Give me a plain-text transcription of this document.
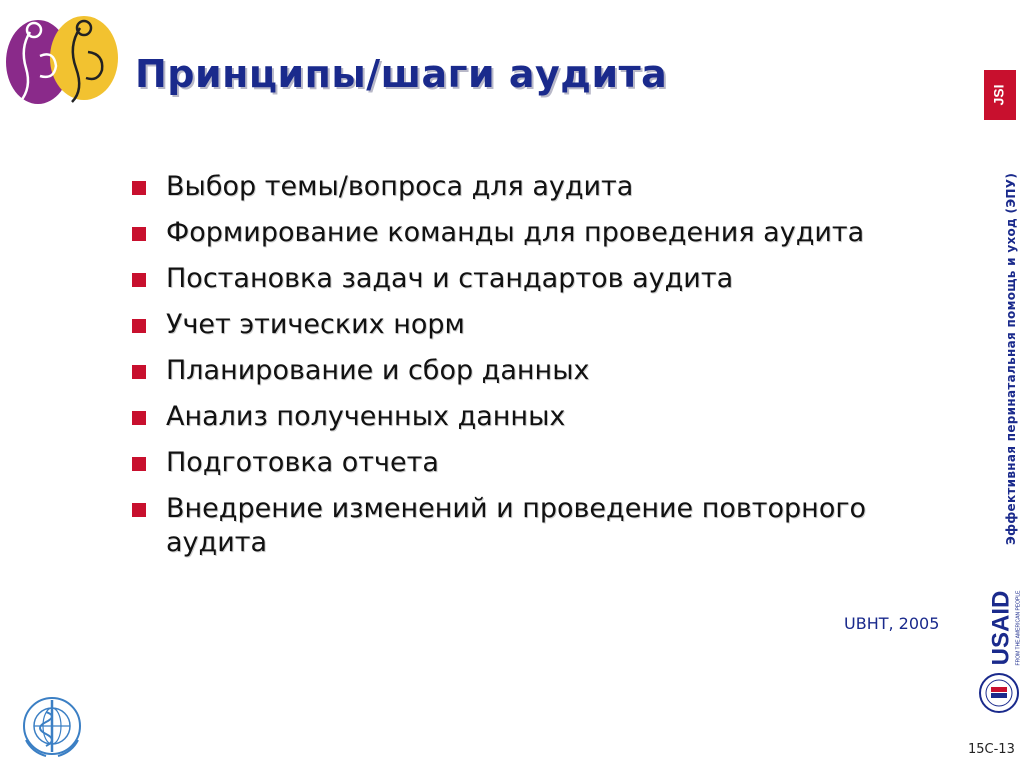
Принципы/шаги аудита
Выбор темы/вопроса для аудита
Формирование команды для проведения аудита
Постановка задач и стандартов аудита
Учет этических норм
Планирование и сбор данных
Анализ полученных данных
Подготовка отчета
Внедрение изменений и проведение повторного аудита
UBHT, 2005
JSI
Эффективная перинатальная помощь и уход (ЭПУ)
USAID FROM THE AMERICAN PEOPLE
15C-13
